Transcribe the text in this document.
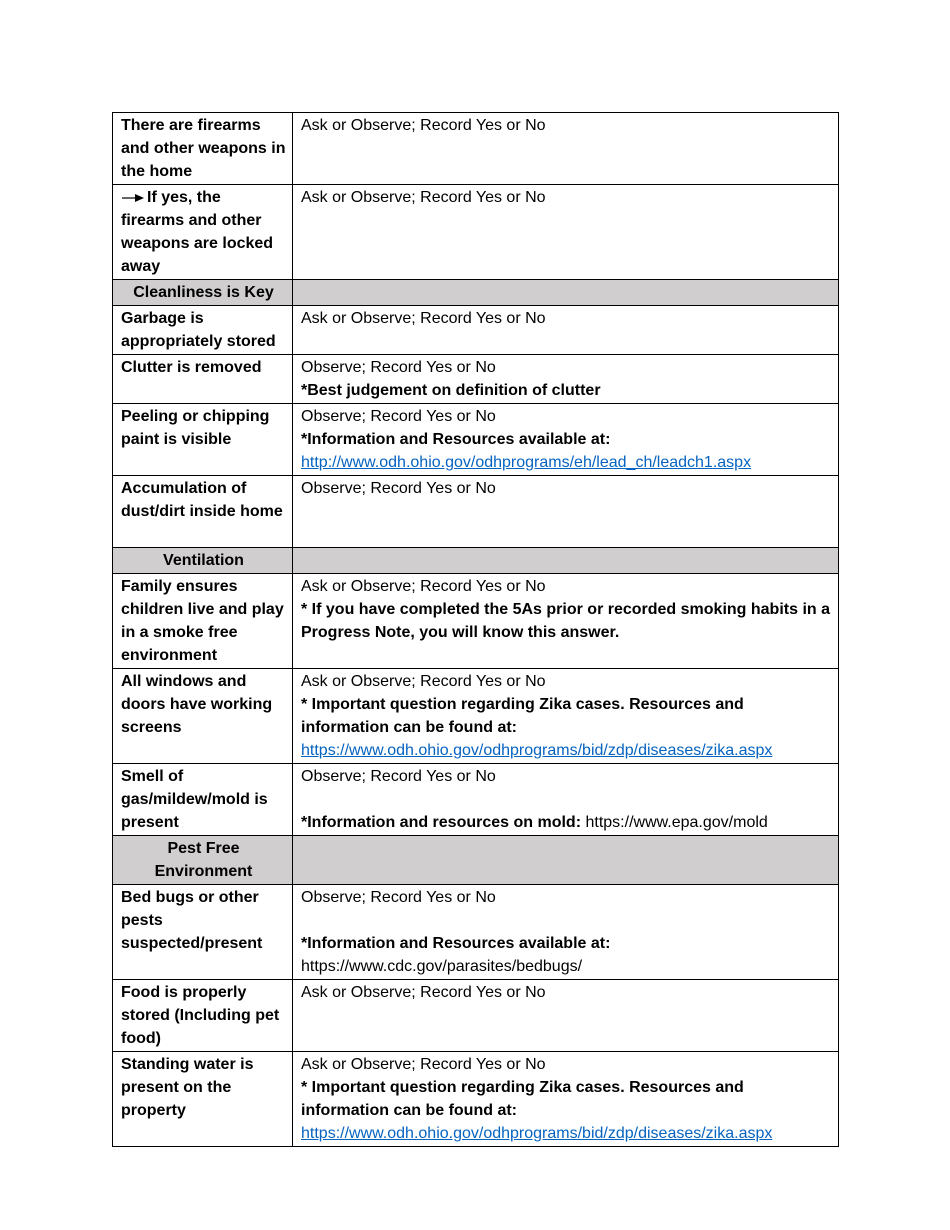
There are firearms and other weapons in the home	Ask or Observe; Record Yes or No

If yes, the firearms and other weapons are locked away	Ask or Observe; Record Yes or No

Cleanliness is Key	
Garbage is appropriately stored	Ask or Observe; Record Yes or No

Clutter is removed	Observe; Record Yes or No
*Best judgement on definition of clutter

Peeling or chipping paint is visible	Observe; Record Yes or No
*Information and Resources available at:
http://www.odh.ohio.gov/odhprograms/eh/lead_ch/leadch1.aspx

Accumulation of dust/dirt inside home	Observe; Record Yes or No

Ventilation	
Family ensures children live and play in a smoke free environment	Ask or Observe; Record Yes or No
* If you have completed the 5As prior or recorded smoking habits in a Progress Note, you will know this answer.

All windows and doors have working screens	Ask or Observe; Record Yes or No
* Important question regarding Zika cases. Resources and information can be found at:
https://www.odh.ohio.gov/odhprograms/bid/zdp/diseases/zika.aspx

Smell of gas/mildew/mold is present	Observe; Record Yes or No
*Information and resources on mold: https://www.epa.gov/mold

Pest Free Environment	
Bed bugs or other pests suspected/present	Observe; Record Yes or No
*Information and Resources available at:
https://www.cdc.gov/parasites/bedbugs/

Food is properly stored (Including pet food)	Ask or Observe; Record Yes or No

Standing water is present on the property	Ask or Observe; Record Yes or No
* Important question regarding Zika cases. Resources and information can be found at:
https://www.odh.ohio.gov/odhprograms/bid/zdp/diseases/zika.aspx
